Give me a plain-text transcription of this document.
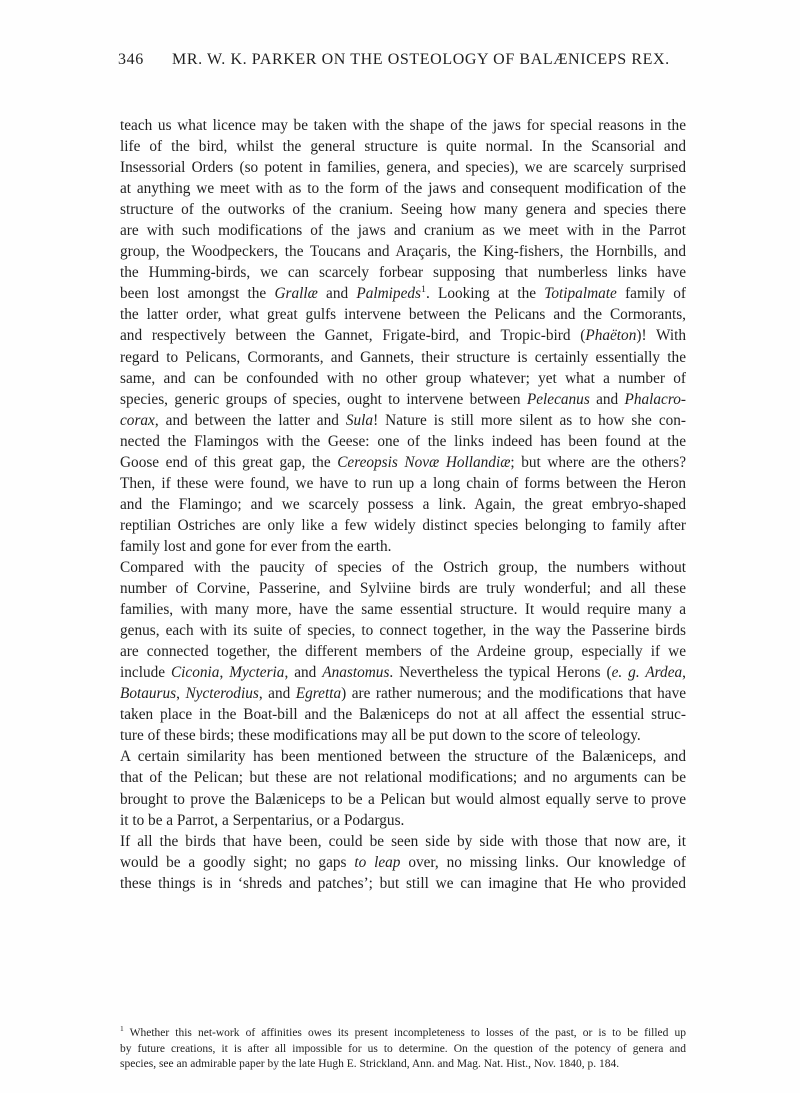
346 MR. W. K. PARKER ON THE OSTEOLOGY OF BALÆNICEPS REX.
teach us what licence may be taken with the shape of the jaws for special reasons in the
life of the bird, whilst the general structure is quite normal. In the Scansorial and
Insessorial Orders (so potent in families, genera, and species), we are scarcely surprised
at anything we meet with as to the form of the jaws and consequent modification of the
structure of the outworks of the cranium. Seeing how many genera and species there
are with such modifications of the jaws and cranium as we meet with in the Parrot
group, the Woodpeckers, the Toucans and Araçaris, the King-fishers, the Hornbills, and
the Humming-birds, we can scarcely forbear supposing that numberless links have
been lost amongst the Grallæ and Palmipeds$^1$. Looking at the Totipalmate family of
the latter order, what great gulfs intervene between the Pelicans and the Cormorants,
and respectively between the Gannet, Frigate-bird, and Tropic-bird (Phaëton)! With
regard to Pelicans, Cormorants, and Gannets, their structure is certainly essentially the
same, and can be confounded with no other group whatever; yet what a number of
species, generic groups of species, ought to intervene between Pelecanus and Phalacro-
corax, and between the latter and Sula! Nature is still more silent as to how she con-
nected the Flamingos with the Geese: one of the links indeed has been found at the
Goose end of this great gap, the Cereopsis Novæ Hollandiæ; but where are the others?
Then, if these were found, we have to run up a long chain of forms between the Heron
and the Flamingo; and we scarcely possess a link. Again, the great embryo-shaped
reptilian Ostriches are only like a few widely distinct species belonging to family after
family lost and gone for ever from the earth.
Compared with the paucity of species of the Ostrich group, the numbers without
number of Corvine, Passerine, and Sylviine birds are truly wonderful; and all these
families, with many more, have the same essential structure. It would require many a
genus, each with its suite of species, to connect together, in the way the Passerine birds
are connected together, the different members of the Ardeine group, especially if we
include Ciconia, Mycteria, and Anastomus. Nevertheless the typical Herons (e. g. Ardea,
Botaurus, Nycterodius, and Egretta) are rather numerous; and the modifications that have
taken place in the Boat-bill and the Balæniceps do not at all affect the essential struc-
ture of these birds; these modifications may all be put down to the score of teleology.
A certain similarity has been mentioned between the structure of the Balæniceps, and
that of the Pelican; but these are not relational modifications; and no arguments can be
brought to prove the Balæniceps to be a Pelican but would almost equally serve to prove
it to be a Parrot, a Serpentarius, or a Podargus.
If all the birds that have been, could be seen side by side with those that now are, it
would be a goodly sight; no gaps to leap over, no missing links. Our knowledge of
these things is in ‘shreds and patches’; but still we can imagine that He who provided
$^1$ Whether this net-work of affinities owes its present incompleteness to losses of the past, or is to be filled up
by future creations, it is after all impossible for us to determine. On the question of the potency of genera and
species, see an admirable paper by the late Hugh E. Strickland, Ann. and Mag. Nat. Hist., Nov. 1840, p. 184.
